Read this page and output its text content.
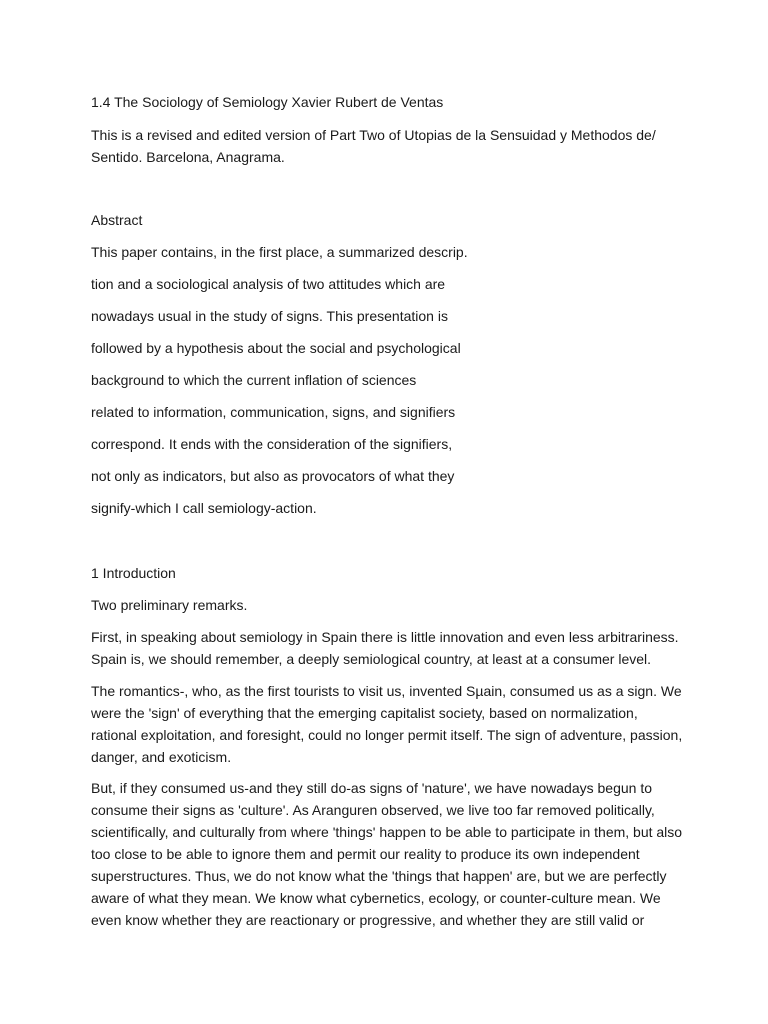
1.4 The Sociology of Semiology Xavier Rubert de Ventas
This is a revised and edited version of Part Two of Utopias de la Sensuidad y Methodos de/ Sentido. Barcelona, Anagrama.
Abstract
This paper contains, in the first place, a summarized descrip.
tion and a sociological analysis of two attitudes which are
nowadays usual in the study of signs. This presentation is
followed by a hypothesis about the social and psychological
background to which the current inflation of sciences
related to information, communication, signs, and signifiers
correspond. It ends with the consideration of the signifiers,
not only as indicators, but also as provocators of what they
signify-which I call semiology-action.
1 Introduction
Two preliminary remarks.
First, in speaking about semiology in Spain there is little innovation and even less arbitrariness. Spain is, we should remember, a deeply semiological country, at least at a consumer level.
The romantics-, who, as the first tourists to visit us, invented Sµain, consumed us as a sign. We were the 'sign' of everything that the emerging capitalist society, based on normalization, rational exploitation, and foresight, could no longer permit itself. The sign of adventure, passion, danger, and exoticism.
But, if they consumed us-and they still do-as signs of 'nature', we have nowadays begun to consume their signs as 'culture'. As Aranguren observed, we live too far removed politically, scientifically, and culturally from where 'things' happen to be able to participate in them, but also too close to be able to ignore them and permit our reality to produce its own independent superstructures. Thus, we do not know what the 'things that happen' are, but we are perfectly aware of what they mean. We know what cybernetics, ecology, or counter-culture mean. We even know whether they are reactionary or progressive, and whether they are still valid or
